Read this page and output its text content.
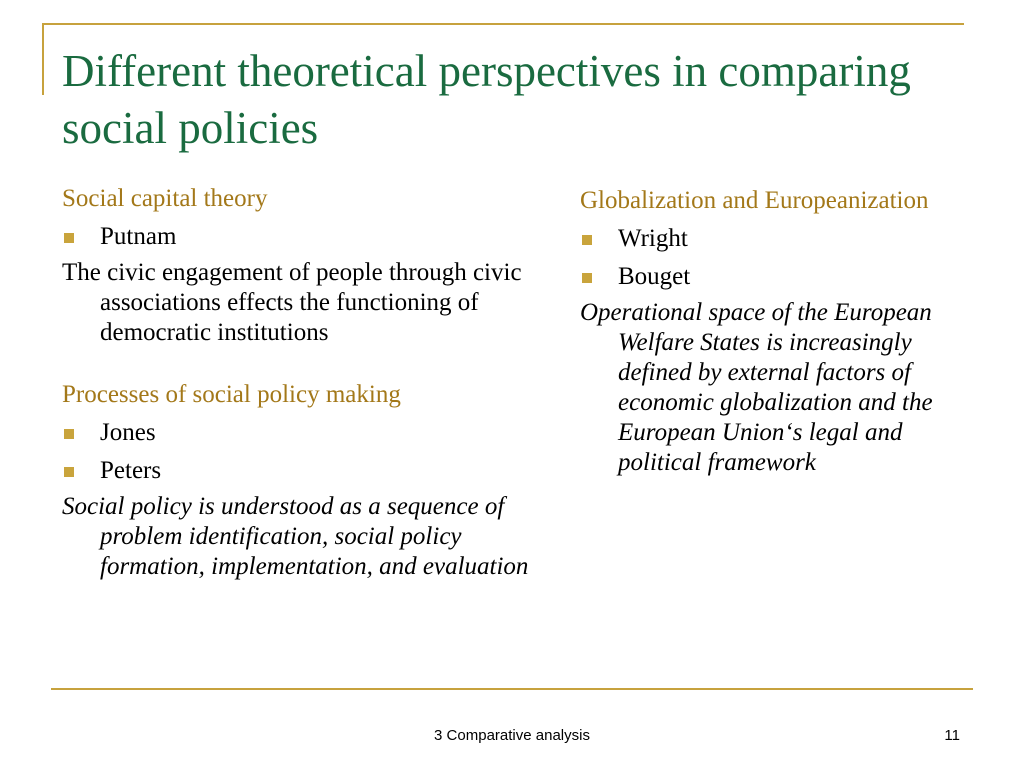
Different theoretical perspectives in comparing social policies

Social capital theory

Putnam

The civic engagement of people through civic associations effects the functioning of democratic institutions

Processes of social policy making

Jones
Peters

Social policy is understood as a sequence of problem identification, social policy formation, implementation, and evaluation

Globalization and Europeanization

Wright
Bouget

Operational space of the European Welfare States is increasingly defined by external factors of economic globalization and the European Union‘s legal and political framework

3 Comparative analysis	11
